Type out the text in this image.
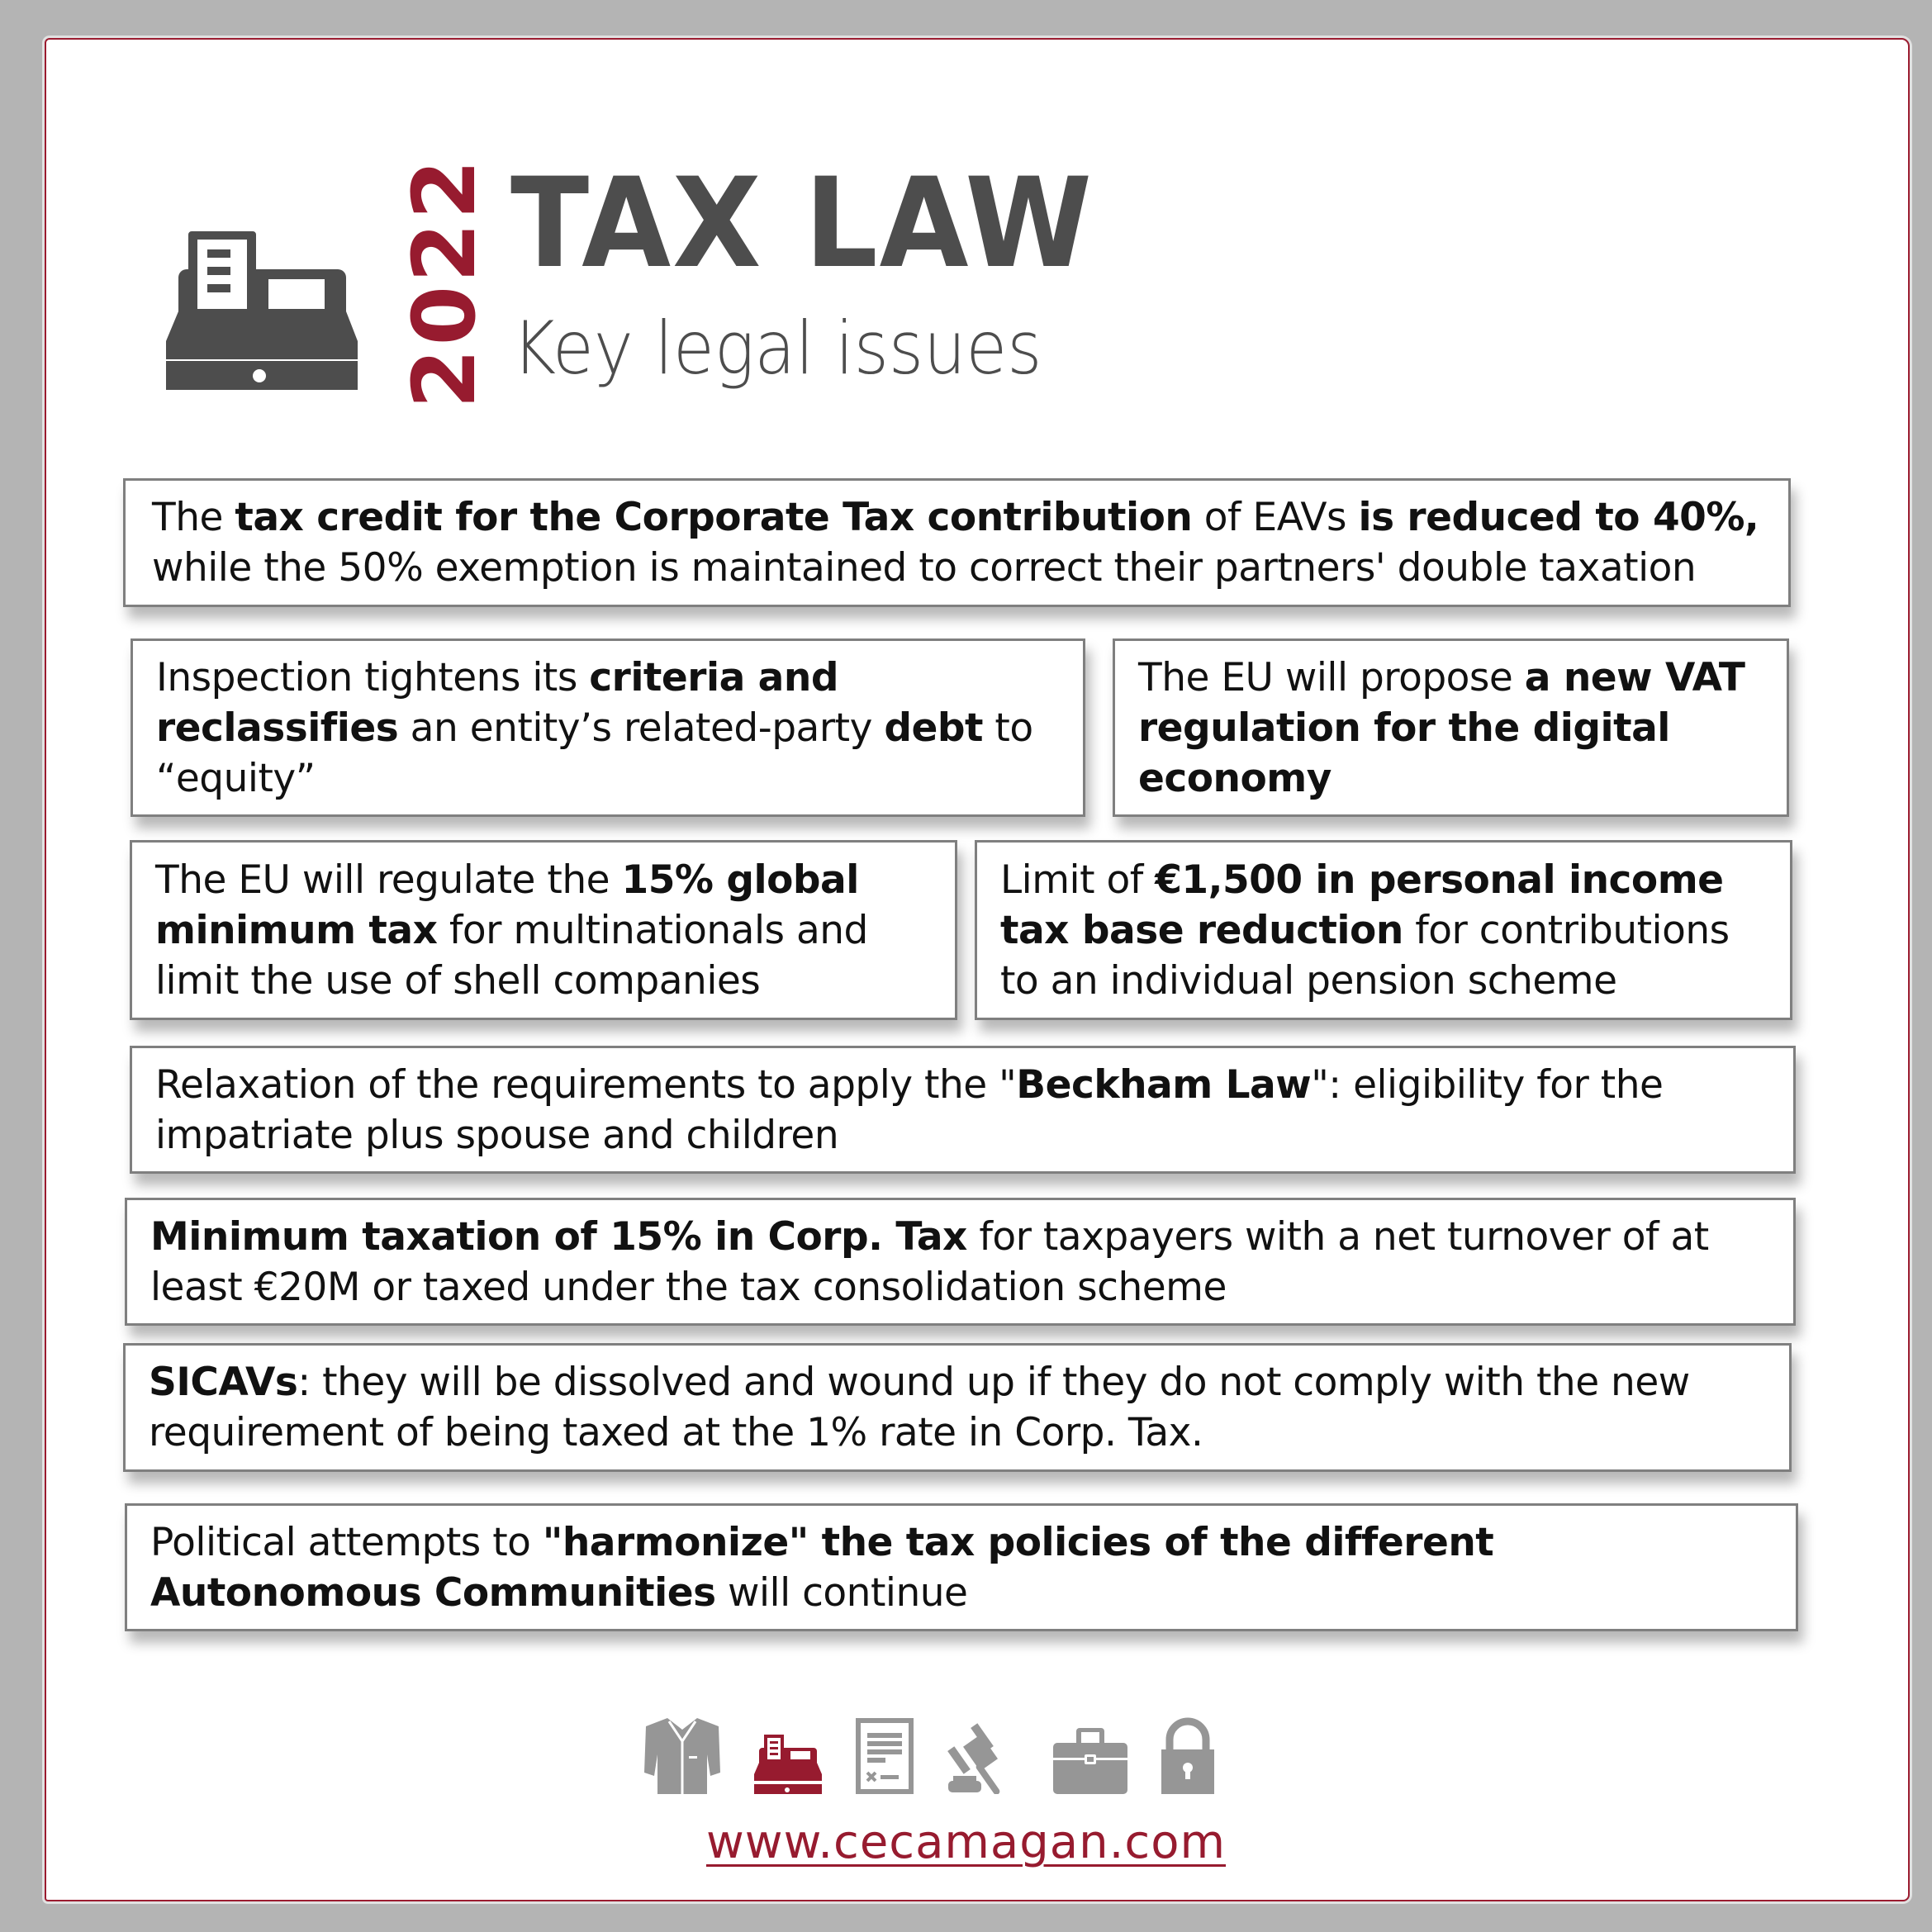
2022 TAX LAW
Key legal issues

The tax credit for the Corporate Tax contribution of EAVs is reduced to 40%, while the 50% exemption is maintained to correct their partners' double taxation

Inspection tightens its criteria and reclassifies an entity’s related-party debt to “equity”

The EU will propose a new VAT regulation for the digital economy

The EU will regulate the 15% global minimum tax for multinationals and limit the use of shell companies

Limit of €1,500 in personal income tax base reduction for contributions to an individual pension scheme

Relaxation of the requirements to apply the "Beckham Law": eligibility for the impatriate plus spouse and children

Minimum taxation of 15% in Corp. Tax for taxpayers with a net turnover of at least €20M or taxed under the tax consolidation scheme

SICAVs: they will be dissolved and wound up if they do not comply with the new requirement of being taxed at the 1% rate in Corp. Tax.

Political attempts to "harmonize" the tax policies of the different Autonomous Communities will continue

www.cecamagan.com
